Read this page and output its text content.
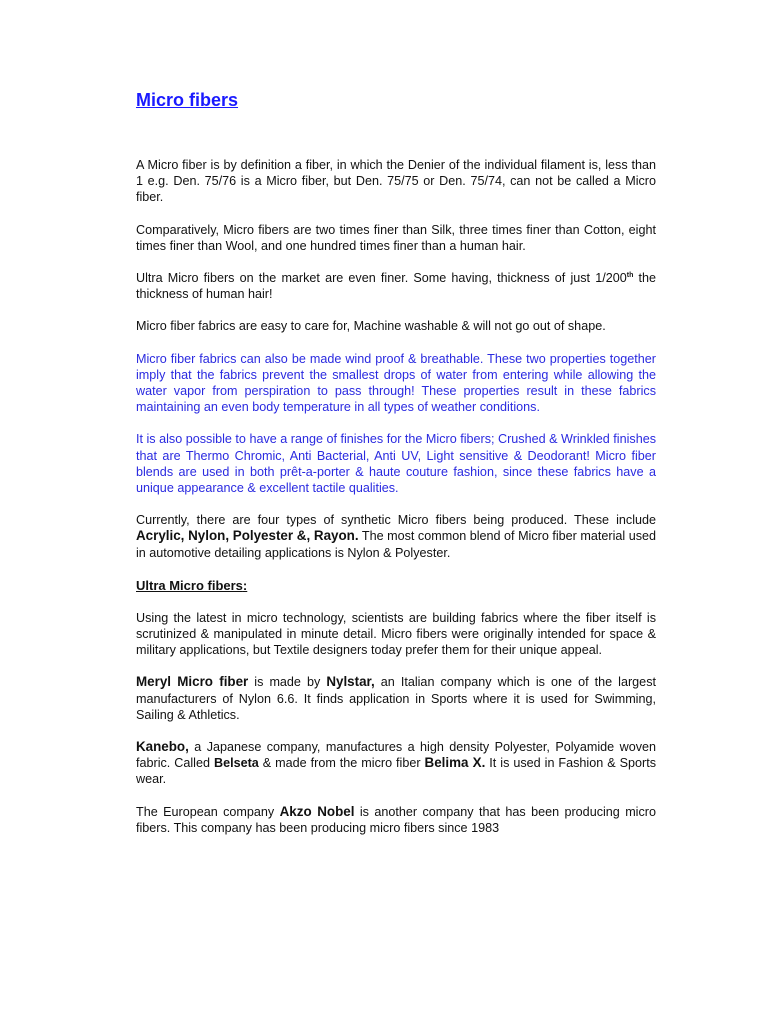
Micro fibers

A Micro fiber is by definition a fiber, in which the Denier of the individual filament is, less than 1 e.g. Den. 75/76 is a Micro fiber, but Den. 75/75 or Den. 75/74, can not be called a Micro fiber.

Comparatively, Micro fibers are two times finer than Silk, three times finer than Cotton, eight times finer than Wool, and one hundred times finer than a human hair.

Ultra Micro fibers on the market are even finer. Some having, thickness of just 1/200th the thickness of human hair!

Micro fiber fabrics are easy to care for, Machine washable & will not go out of shape.

Micro fiber fabrics can also be made wind proof & breathable. These two properties together imply that the fabrics prevent the smallest drops of water from entering while allowing the water vapor from perspiration to pass through! These properties result in these fabrics maintaining an even body temperature in all types of weather conditions.

It is also possible to have a range of finishes for the Micro fibers; Crushed & Wrinkled finishes that are Thermo Chromic, Anti Bacterial, Anti UV, Light sensitive & Deodorant! Micro fiber blends are used in both prêt-a-porter & haute couture fashion, since these fabrics have a unique appearance & excellent tactile qualities.

Currently, there are four types of synthetic Micro fibers being produced. These include Acrylic, Nylon, Polyester &, Rayon. The most common blend of Micro fiber material used in automotive detailing applications is Nylon & Polyester.

Ultra Micro fibers:

Using the latest in micro technology, scientists are building fabrics where the fiber itself is scrutinized & manipulated in minute detail. Micro fibers were originally intended for space & military applications, but Textile designers today prefer them for their unique appeal.

Meryl Micro fiber is made by Nylstar, an Italian company which is one of the largest manufacturers of Nylon 6.6. It finds application in Sports where it is used for Swimming, Sailing & Athletics.

Kanebo, a Japanese company, manufactures a high density Polyester, Polyamide woven fabric. Called Belseta & made from the micro fiber Belima X. It is used in Fashion & Sports wear.

The European company Akzo Nobel is another company that has been producing micro fibers. This company has been producing micro fibers since 1983
